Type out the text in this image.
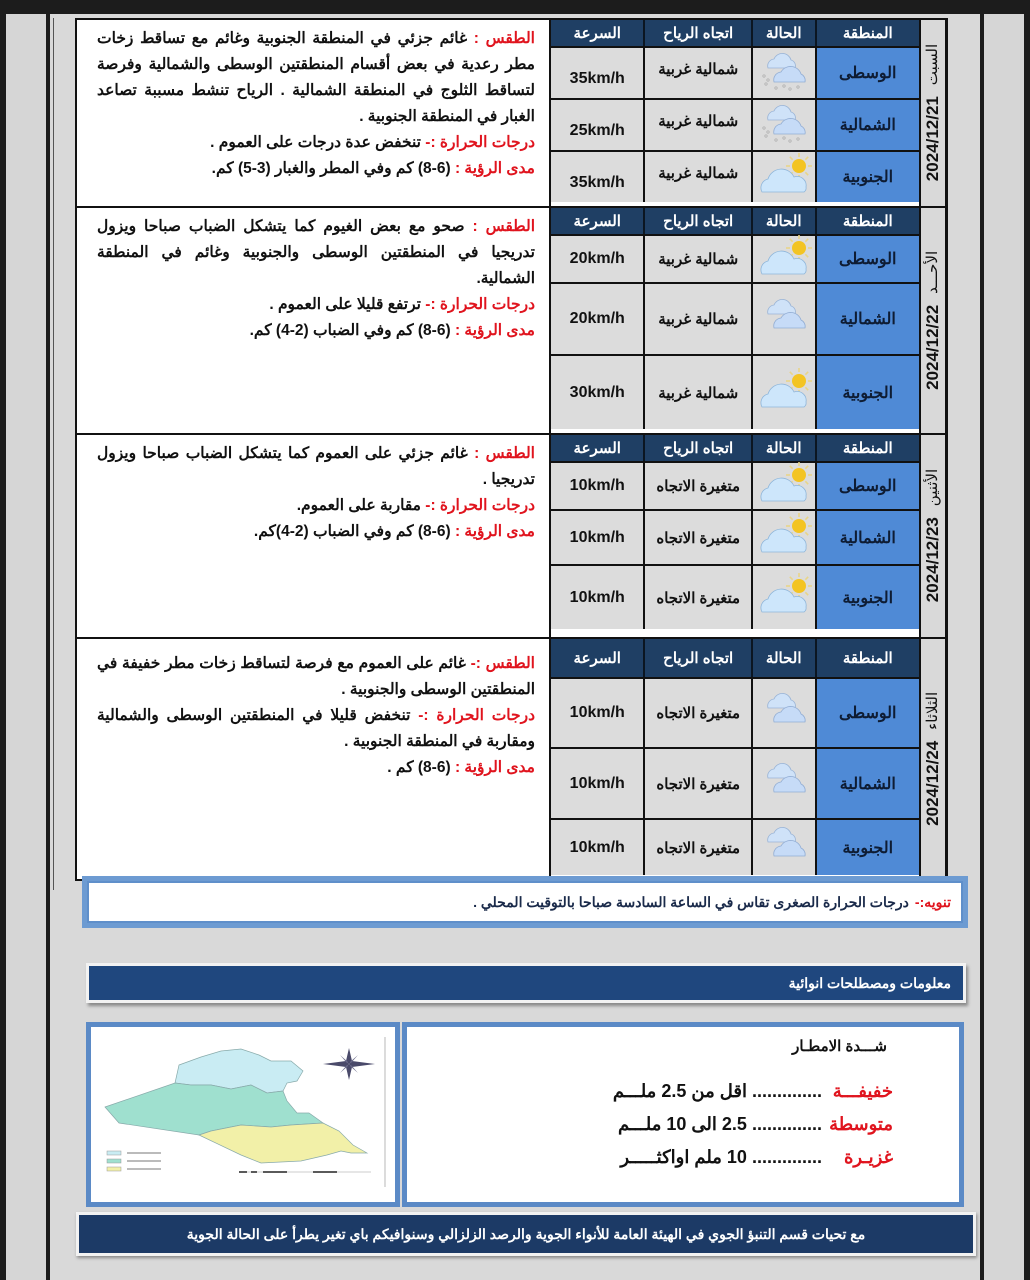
2024/12/21 السبت
المنطقة
الحالة
اتجاه الرياح
السرعة
الوسطى
شمالية غربية
35km/h
الشمالية
شمالية غربية
25km/h
الجنوبية
شمالية غربية
35km/h

الطقس : غائم جزئي في المنطقة الجنوبية وغائم مع تساقط زخات مطر رعدية في بعض أقسام المنطقتين الوسطى والشمالية وفرصة لتساقط الثلوج في المنطقة الشمالية . الرياح تنشط مسببة تصاعد الغبار في المنطقة الجنوبية .

درجات الحرارة :- تنخفض عدة درجات على العموم .

مدى الرؤية : (6-8) كم وفي المطر والغبار (3-5) كم.

2024/12/22 الأحـــد
المنطقة
الحالة
اتجاه الرياح
السرعة
الوسطى
شمالية غربية
20km/h
الشمالية
شمالية غربية
20km/h
الجنوبية
شمالية غربية
30km/h

الطقس : صحو مع بعض الغيوم كما يتشكل الضباب صباحا ويزول تدريجيا في المنطقتين الوسطى والجنوبية وغائم في المنطقة الشمالية.

درجات الحرارة :- ترتفع قليلا على العموم .

مدى الرؤية : (6-8) كم وفي الضباب (2-4) كم.

2024/12/23 الأثنين
المنطقة
الحالة
اتجاه الرياح
السرعة
الوسطى
متغيرة الاتجاه
10km/h
الشمالية
متغيرة الاتجاه
10km/h
الجنوبية
متغيرة الاتجاه
10km/h

الطقس : غائم جزئي على العموم كما يتشكل الضباب صباحا ويزول تدريجيا .

درجات الحرارة :- مقاربة على العموم.

مدى الرؤية : (6-8) كم وفي الضباب (2-4)كم.

2024/12/24 الثلاثاء
المنطقة
الحالة
اتجاه الرياح
السرعة
الوسطى
متغيرة الاتجاه
10km/h
الشمالية
متغيرة الاتجاه
10km/h
الجنوبية
متغيرة الاتجاه
10km/h

الطقس :- غائم على العموم مع فرصة لتساقط زخات مطر خفيفة في المنطقتين الوسطى والجنوبية .

درجات الحرارة :- تنخفض قليلا في المنطقتين الوسطى والشمالية ومقاربة في المنطقة الجنوبية .

مدى الرؤية : (6-8) كم .

تنويه:-
درجات الحرارة الصغرى تقاس في الساعة السادسة صباحا بالتوقيت المحلي .
معلومات ومصطلحات انوائية
شـــدة الامطـار
خفيفـــة .............. اقل من 2.5 ملـــم
متوسطة .............. 2.5 الى 10 ملـــم
غزيـرة .............. 10 ملم اواكثـــــر
مع تحيات قسم التنبؤ الجوي في الهيئة العامة للأنواء الجوية والرصد الزلزالي وسنوافيكم باي تغير يطرأ على الحالة الجوية
